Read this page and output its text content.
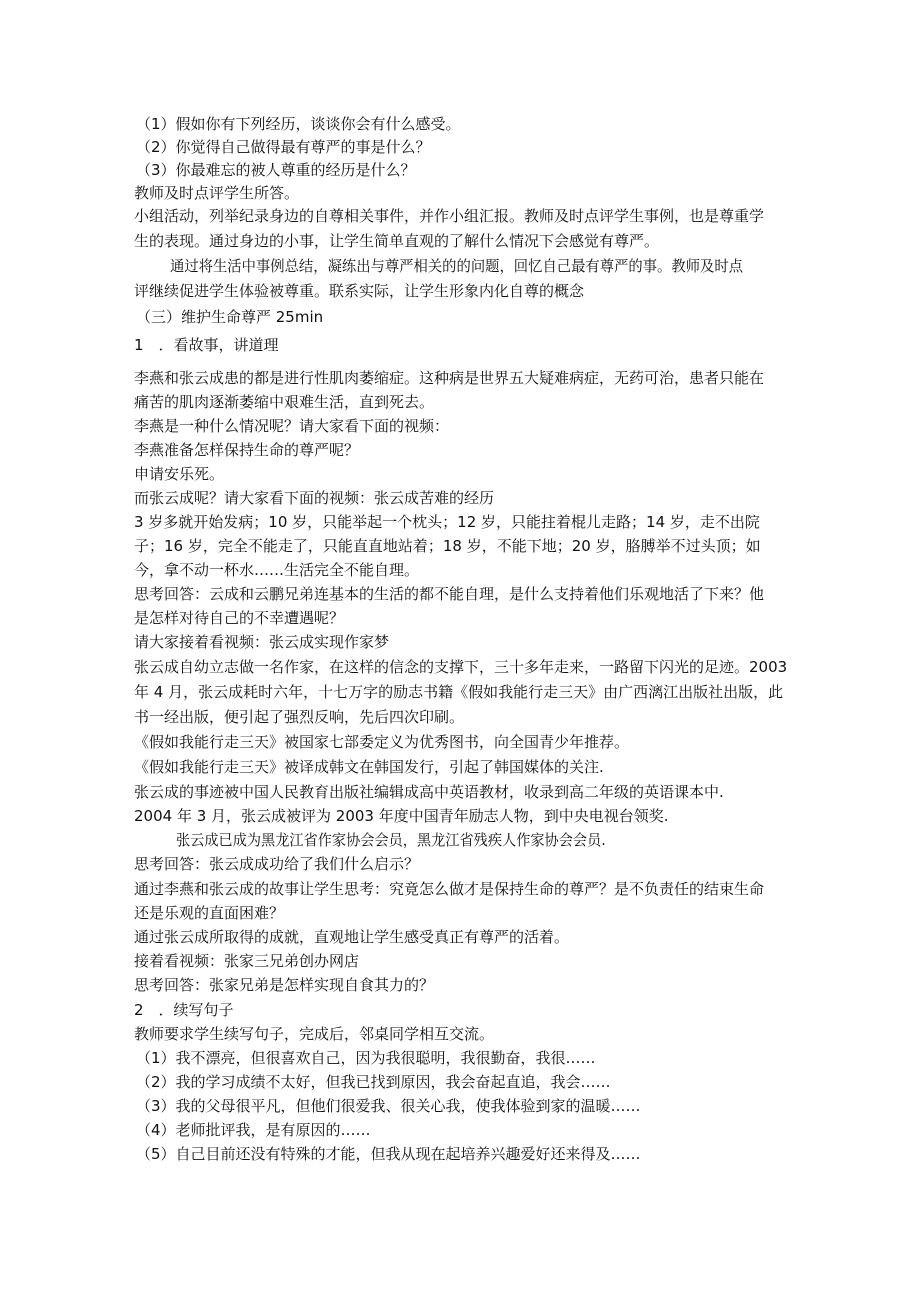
（1）假如你有下列经历，谈谈你会有什么感受。
（2）你觉得自己做得最有尊严的事是什么？
（3）你最难忘的被人尊重的经历是什么？
教师及时点评学生所答。
小组活动，列举纪录身边的自尊相关事件，并作小组汇报。教师及时点评学生事例，也是尊重学
生的表现。通过身边的小事，让学生简单直观的了解什么情况下会感觉有尊严。
通过将生活中事例总结，凝练出与尊严相关的的问题，回忆自己最有尊严的事。教师及时点
评继续促进学生体验被尊重。联系实际，让学生形象内化自尊的概念
（三）维护生命尊严 25min
1　．看故事，讲道理
李燕和张云成患的都是进行性肌肉萎缩症。这种病是世界五大疑难病症，无药可治，患者只能在
痛苦的肌肉逐渐萎缩中艰难生活，直到死去。
李燕是一种什么情况呢？请大家看下面的视频：
李燕准备怎样保持生命的尊严呢？
申请安乐死。
而张云成呢？请大家看下面的视频：张云成苦难的经历
3 岁多就开始发病；10 岁，只能举起一个枕头；12 岁，只能拄着棍儿走路；14 岁，走不出院
子；16 岁，完全不能走了，只能直直地站着；18 岁，不能下地；20 岁，胳膊举不过头顶；如
今，拿不动一杯水……生活完全不能自理。
思考回答：云成和云鹏兄弟连基本的生活的都不能自理，是什么支持着他们乐观地活了下来？他
是怎样对待自己的不幸遭遇呢？
请大家接着看视频：张云成实现作家梦
张云成自幼立志做一名作家，在这样的信念的支撑下，三十多年走来，一路留下闪光的足迹。2003
年 4 月，张云成耗时六年，十七万字的励志书籍《假如我能行走三天》由广西漓江出版社出版，此
书一经出版，便引起了强烈反响，先后四次印刷。
《假如我能行走三天》被国家七部委定义为优秀图书，向全国青少年推荐。
《假如我能行走三天》被译成韩文在韩国发行，引起了韩国媒体的关注.
张云成的事迹被中国人民教育出版社编辑成高中英语教材，收录到高二年级的英语课本中.
2004 年 3 月，张云成被评为 2003 年度中国青年励志人物，到中央电视台领奖.
张云成已成为黑龙江省作家协会会员，黑龙江省残疾人作家协会会员.
思考回答：张云成成功给了我们什么启示？
通过李燕和张云成的故事让学生思考：究竟怎么做才是保持生命的尊严？是不负责任的结束生命
还是乐观的直面困难？
通过张云成所取得的成就，直观地让学生感受真正有尊严的活着。
接着看视频：张家三兄弟创办网店
思考回答：张家兄弟是怎样实现自食其力的？
2　．续写句子
教师要求学生续写句子，完成后，邻桌同学相互交流。
（1）我不漂亮，但很喜欢自己，因为我很聪明，我很勤奋，我很……
（2）我的学习成绩不太好，但我已找到原因，我会奋起直追，我会……
（3）我的父母很平凡，但他们很爱我、很关心我，使我体验到家的温暖……
（4）老师批评我，是有原因的……
（5）自己目前还没有特殊的才能，但我从现在起培养兴趣爱好还来得及……
